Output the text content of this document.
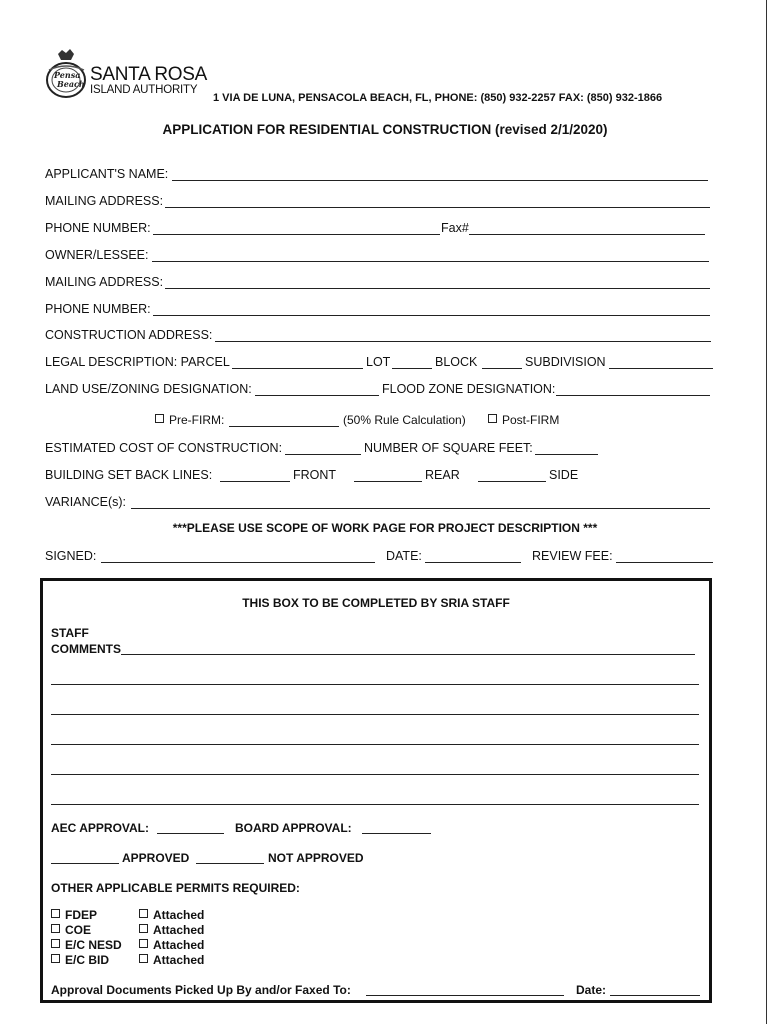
Pensa
Beach SANTA ROSA
ISLAND AUTHORITY
1 VIA DE LUNA, PENSACOLA BEACH, FL, PHONE: (850) 932-2257 FAX: (850) 932-1866
APPLICATION FOR RESIDENTIAL CONSTRUCTION (revised 2/1/2020)
APPLICANT'S NAME:
MAILING ADDRESS:
PHONE NUMBER:	Fax#
OWNER/LESSEE:
MAILING ADDRESS:
PHONE NUMBER:
CONSTRUCTION ADDRESS:
LEGAL DESCRIPTION: PARCEL	LOT	BLOCK	SUBDIVISION
LAND USE/ZONING DESIGNATION:	FLOOD ZONE DESIGNATION:
Pre-FIRM:	(50% Rule Calculation)	Post-FIRM
ESTIMATED COST OF CONSTRUCTION:	NUMBER OF SQUARE FEET:
BUILDING SET BACK LINES:	FRONT	REAR	SIDE
VARIANCE(s):
***PLEASE USE SCOPE OF WORK PAGE FOR PROJECT DESCRIPTION ***
SIGNED:	DATE:	REVIEW FEE:
THIS BOX TO BE COMPLETED BY SRIA STAFF
STAFF
COMMENTS
AEC APPROVAL:	BOARD APPROVAL:
APPROVED	NOT APPROVED
OTHER APPLICABLE PERMITS REQUIRED:
FDEP	Attached
COE	Attached
E/C NESD	Attached
E/C BID	Attached
Approval Documents Picked Up By and/or Faxed To:	Date:
